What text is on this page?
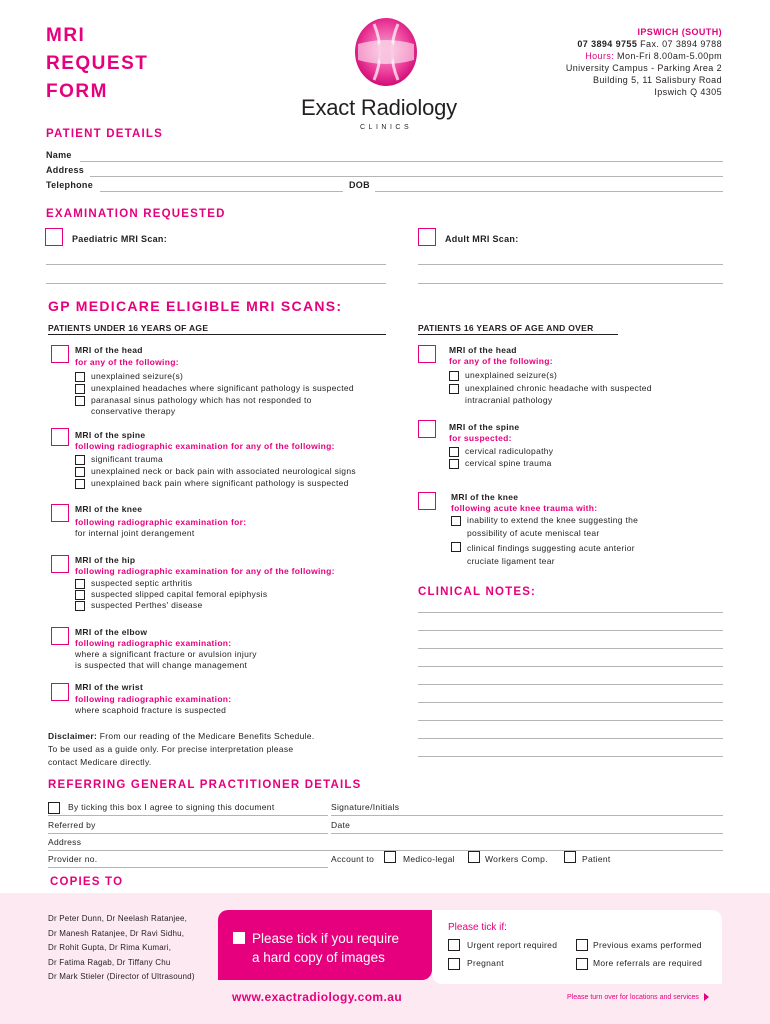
MRI
REQUEST
FORM
Exact Radiology
CLINICS
IPSWICH (SOUTH)
07 3894 9755 Fax. 07 3894 9788
Hours: Mon-Fri 8.00am-5.00pm
University Campus - Parking Area 2
Building 5, 11 Salisbury Road
Ipswich Q 4305
PATIENT DETAILS
Name
Address
Telephone	DOB
EXAMINATION REQUESTED
Paediatric MRI Scan:	Adult MRI Scan:
GP MEDICARE ELIGIBLE MRI SCANS:
PATIENTS UNDER 16 YEARS OF AGE	PATIENTS 16 YEARS OF AGE AND OVER
MRI of the head
for any of the following:
unexplained seizure(s)
unexplained headaches where significant pathology is suspected
paranasal sinus pathology which has not responded to
conservative therapy
MRI of the spine
following radiographic examination for any of the following:
significant trauma
unexplained neck or back pain with associated neurological signs
unexplained back pain where significant pathology is suspected
MRI of the knee
following radiographic examination for:
for internal joint derangement
MRI of the hip
following radiographic examination for any of the following:
suspected septic arthritis
suspected slipped capital femoral epiphysis
suspected Perthes' disease
MRI of the elbow
following radiographic examination:
where a significant fracture or avulsion injury
is suspected that will change management
MRI of the wrist
following radiographic examination:
where scaphoid fracture is suspected
Disclaimer: From our reading of the Medicare Benefits Schedule.
To be used as a guide only. For precise interpretation please
contact Medicare directly.
MRI of the head
for any of the following:
unexplained seizure(s)
unexplained chronic headache with suspected
intracranial pathology
MRI of the spine
for suspected:
cervical radiculopathy
cervical spine trauma
MRI of the knee
following acute knee trauma with:
inability to extend the knee suggesting the
possibility of acute meniscal tear
clinical findings suggesting acute anterior
cruciate ligament tear
CLINICAL NOTES:
REFERRING GENERAL PRACTITIONER DETAILS
By ticking this box I agree to signing this document	Signature/Initials
Referred by	Date
Address
Provider no.	Account to	Medico-legal	Workers Comp.	Patient
COPIES TO
Dr Peter Dunn, Dr Neelash Ratanjee,
Dr Manesh Ratanjee, Dr Ravi Sidhu,
Dr Rohit Gupta, Dr Rima Kumari,
Dr Fatima Ragab, Dr Tiffany Chu
Dr Mark Stieler (Director of Ultrasound)
Please tick if you require
a hard copy of images
Please tick if:
Urgent report required	Previous exams performed
Pregnant	More referrals are required
www.exactradiology.com.au	Please turn over for locations and services
